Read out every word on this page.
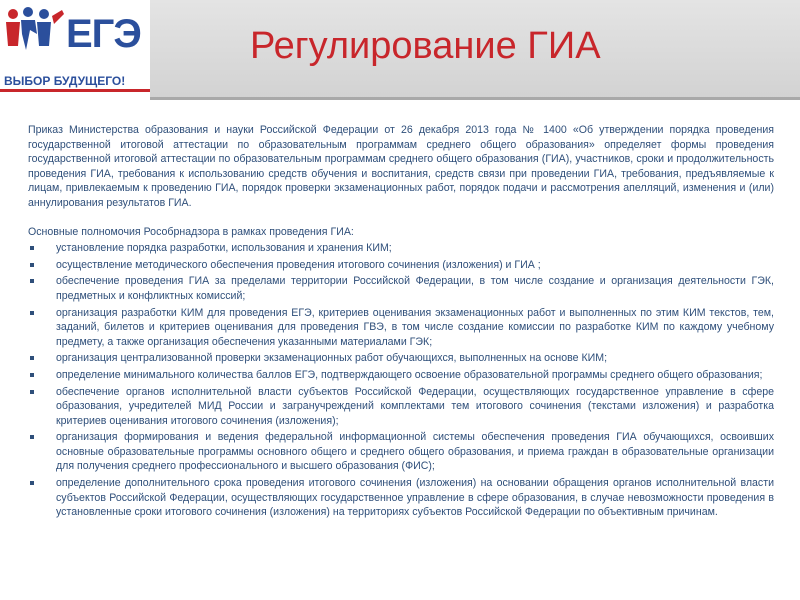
ЕГЭ
ВЫБОР БУДУЩЕГО!
Регулирование ГИА

Приказ Министерства образования и науки Российской Федерации от 26 декабря 2013 года № 1400 «Об утверждении порядка проведения государственной итоговой аттестации по образовательным программам среднего общего образования» определяет формы проведения государственной итоговой аттестации по образовательным программам среднего общего образования (ГИА), участников, сроки и продолжительность проведения ГИА, требования к использованию средств обучения и воспитания, средств связи при проведении ГИА, требования, предъявляемые к лицам, привлекаемым к проведению ГИА, порядок проверки экзаменационных работ, порядок подачи и рассмотрения апелляций, изменения и (или) аннулирования результатов ГИА.

Основные полномочия Рособрнадзора в рамках проведения ГИА:

установление порядка разработки, использования и хранения КИМ;
осуществление методического обеспечения проведения итогового сочинения (изложения) и ГИА ;
обеспечение проведения ГИА за пределами территории Российской Федерации, в том числе создание и организация деятельности ГЭК, предметных и конфликтных комиссий;
организация разработки КИМ для проведения ЕГЭ, критериев оценивания экзаменационных работ и выполненных по этим КИМ текстов, тем, заданий, билетов и критериев оценивания для проведения ГВЭ, в том числе создание комиссии по разработке КИМ по каждому учебному предмету, а также организация обеспечения указанными материалами ГЭК;
организация централизованной проверки экзаменационных работ обучающихся, выполненных на основе КИМ;
определение минимального количества баллов ЕГЭ, подтверждающего освоение образовательной программы среднего общего образования;
обеспечение органов исполнительной власти субъектов Российской Федерации, осуществляющих государственное управление в сфере образования, учредителей МИД России и загранучреждений комплектами тем итогового сочинения (текстами изложения) и разработка критериев оценивания итогового сочинения (изложения);
организация формирования и ведения федеральной информационной системы обеспечения проведения ГИА обучающихся, освоивших основные образовательные программы основного общего и среднего общего образования, и приема граждан в образовательные организации для получения среднего профессионального и высшего образования (ФИС);
определение дополнительного срока проведения итогового сочинения (изложения) на основании обращения органов исполнительной власти субъектов Российской Федерации, осуществляющих государственное управление в сфере образования, в случае невозможности проведения в установленные сроки итогового сочинения (изложения) на территориях субъектов Российской Федерации по объективным причинам.
